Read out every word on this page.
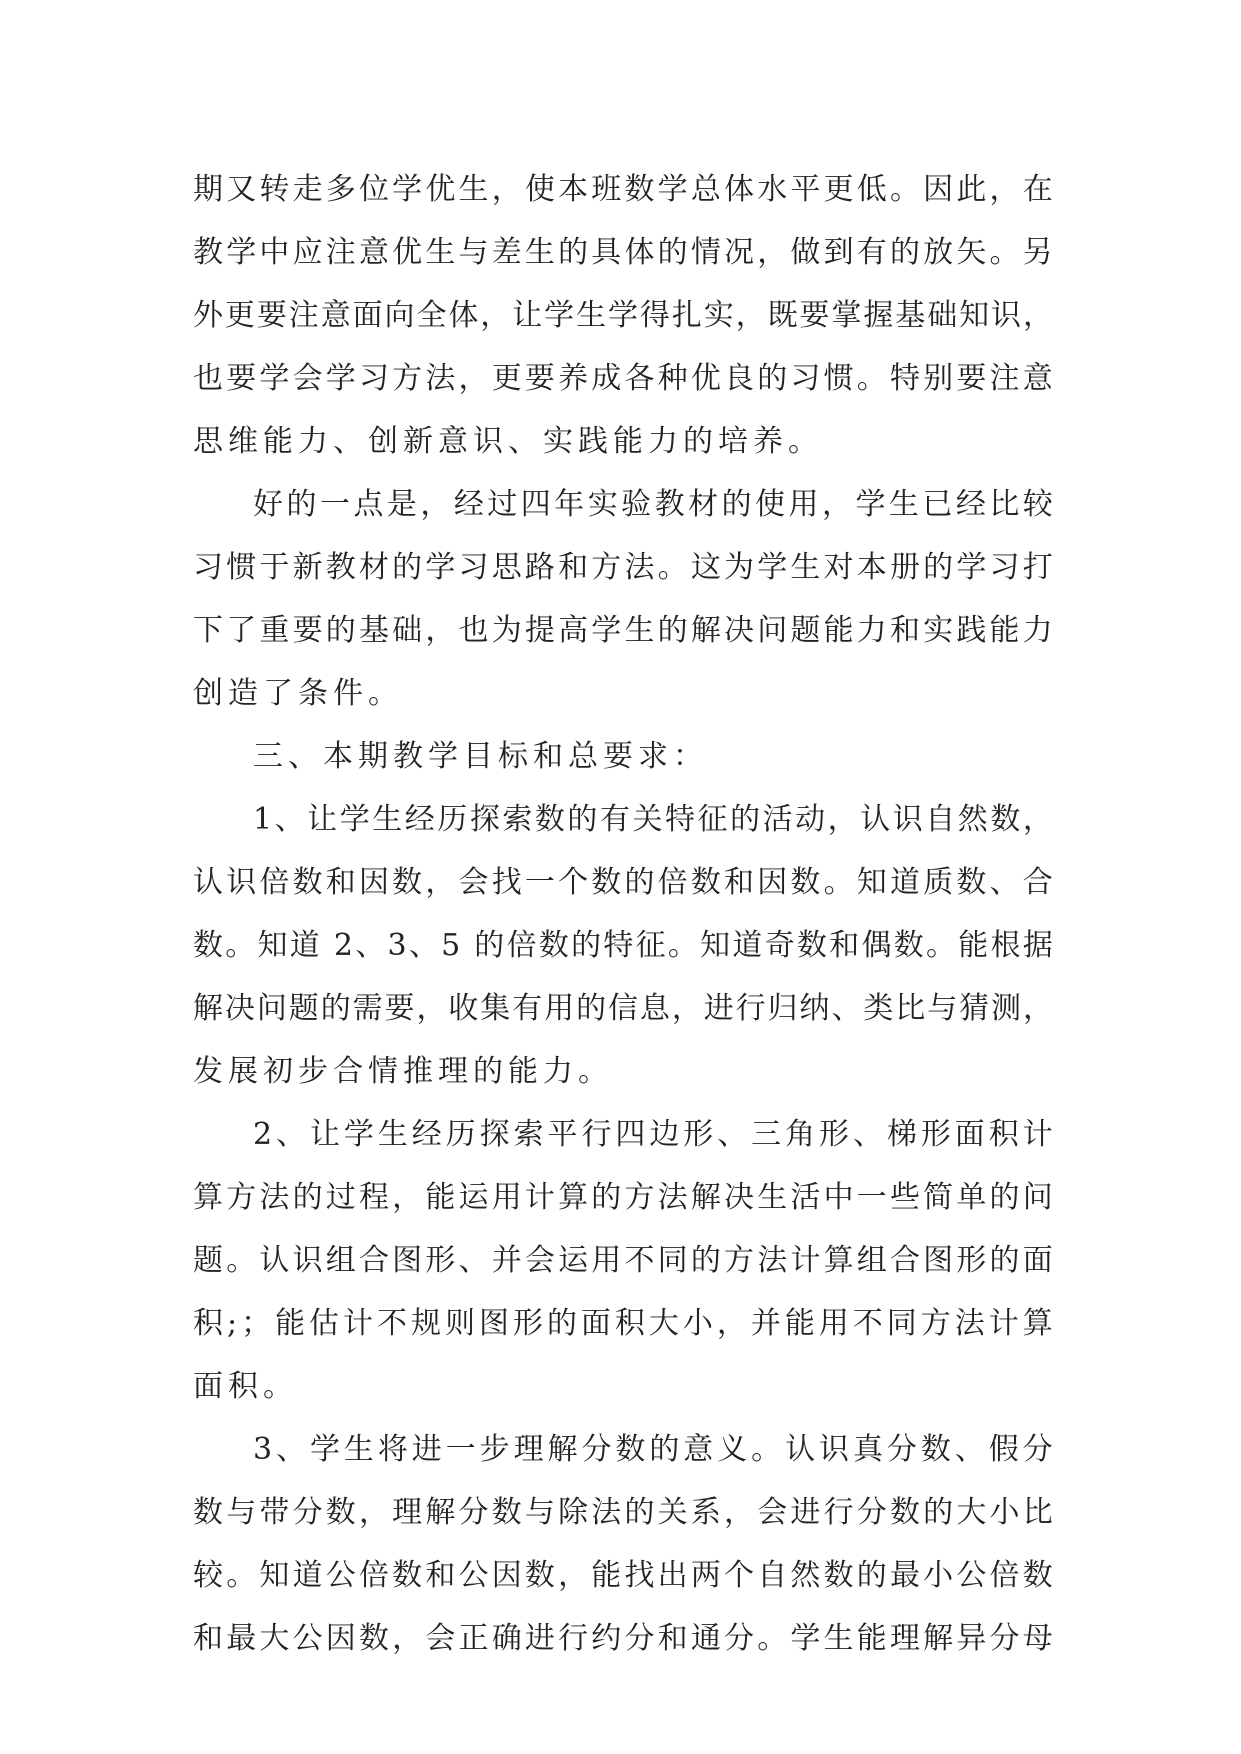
期 又 转 走 多 位 学 优 生 ， 使 本 班 数 学 总 体 水 平 更 低 。 因 此 ， 在
教 学 中 应 注 意 优 生 与 差 生 的 具 体 的 情 况 ， 做 到 有 的 放 矢 。 另
外 更 要 注 意 面 向 全 体 ， 让 学 生 学 得 扎 实 ， 既 要 掌 握 基 础 知 识 ，
也 要 学 会 学 习 方 法 ， 更 要 养 成 各 种 优 良 的 习 惯 。 特 别 要 注 意
思维能力、创新意识、实践能力的培养。
好 的 一 点 是 ， 经 过 四 年 实 验 教 材 的 使 用 ， 学 生 已 经 比 较
习 惯 于 新 教 材 的 学 习 思 路 和 方 法 。 这 为 学 生 对 本 册 的 学 习 打
下 了 重 要 的 基 础 ， 也 为 提 高 学 生 的 解 决 问 题 能 力 和 实 践 能 力
创造了条件。
三、本期教学目标和总要求：
1 、 让 学 生 经 历 探 索 数 的 有 关 特 征 的 活 动 ， 认 识 自 然 数 ，
认 识 倍 数 和 因 数 ， 会 找 一 个 数 的 倍 数 和 因 数 。 知 道 质 数 、 合
数 。 知 道
2 、 3 、 5
的 倍 数 的 特 征 。 知 道 奇 数 和 偶 数 。 能 根 据
解 决 问 题 的 需 要 ， 收 集 有 用 的 信 息 ， 进 行 归 纳 、 类 比 与 猜 测 ，
发展初步合情推理的能力。
2 、 让 学 生 经 历 探 索 平 行 四 边 形 、 三 角 形 、 梯 形 面 积 计
算 方 法 的 过 程 ， 能 运 用 计 算 的 方 法 解 决 生 活 中 一 些 简 单 的 问
题 。 认 识 组 合 图 形 、 并 会 运 用 不 同 的 方 法 计 算 组 合 图 形 的 面
积 ; ； 能 估 计 不 规 则 图 形 的 面 积 大 小 ， 并 能 用 不 同 方 法 计 算
面积。
3 、 学 生 将 进 一 步 理 解 分 数 的 意 义 。 认 识 真 分 数 、 假 分
数 与 带 分 数 ， 理 解 分 数 与 除 法 的 关 系 ， 会 进 行 分 数 的 大 小 比
较 。 知 道 公 倍 数 和 公 因 数 ， 能 找 出 两 个 自 然 数 的 最 小 公 倍 数
和 最 大 公 因 数 ， 会 正 确 进 行 约 分 和 通 分 。 学 生 能 理 解 异 分 母
